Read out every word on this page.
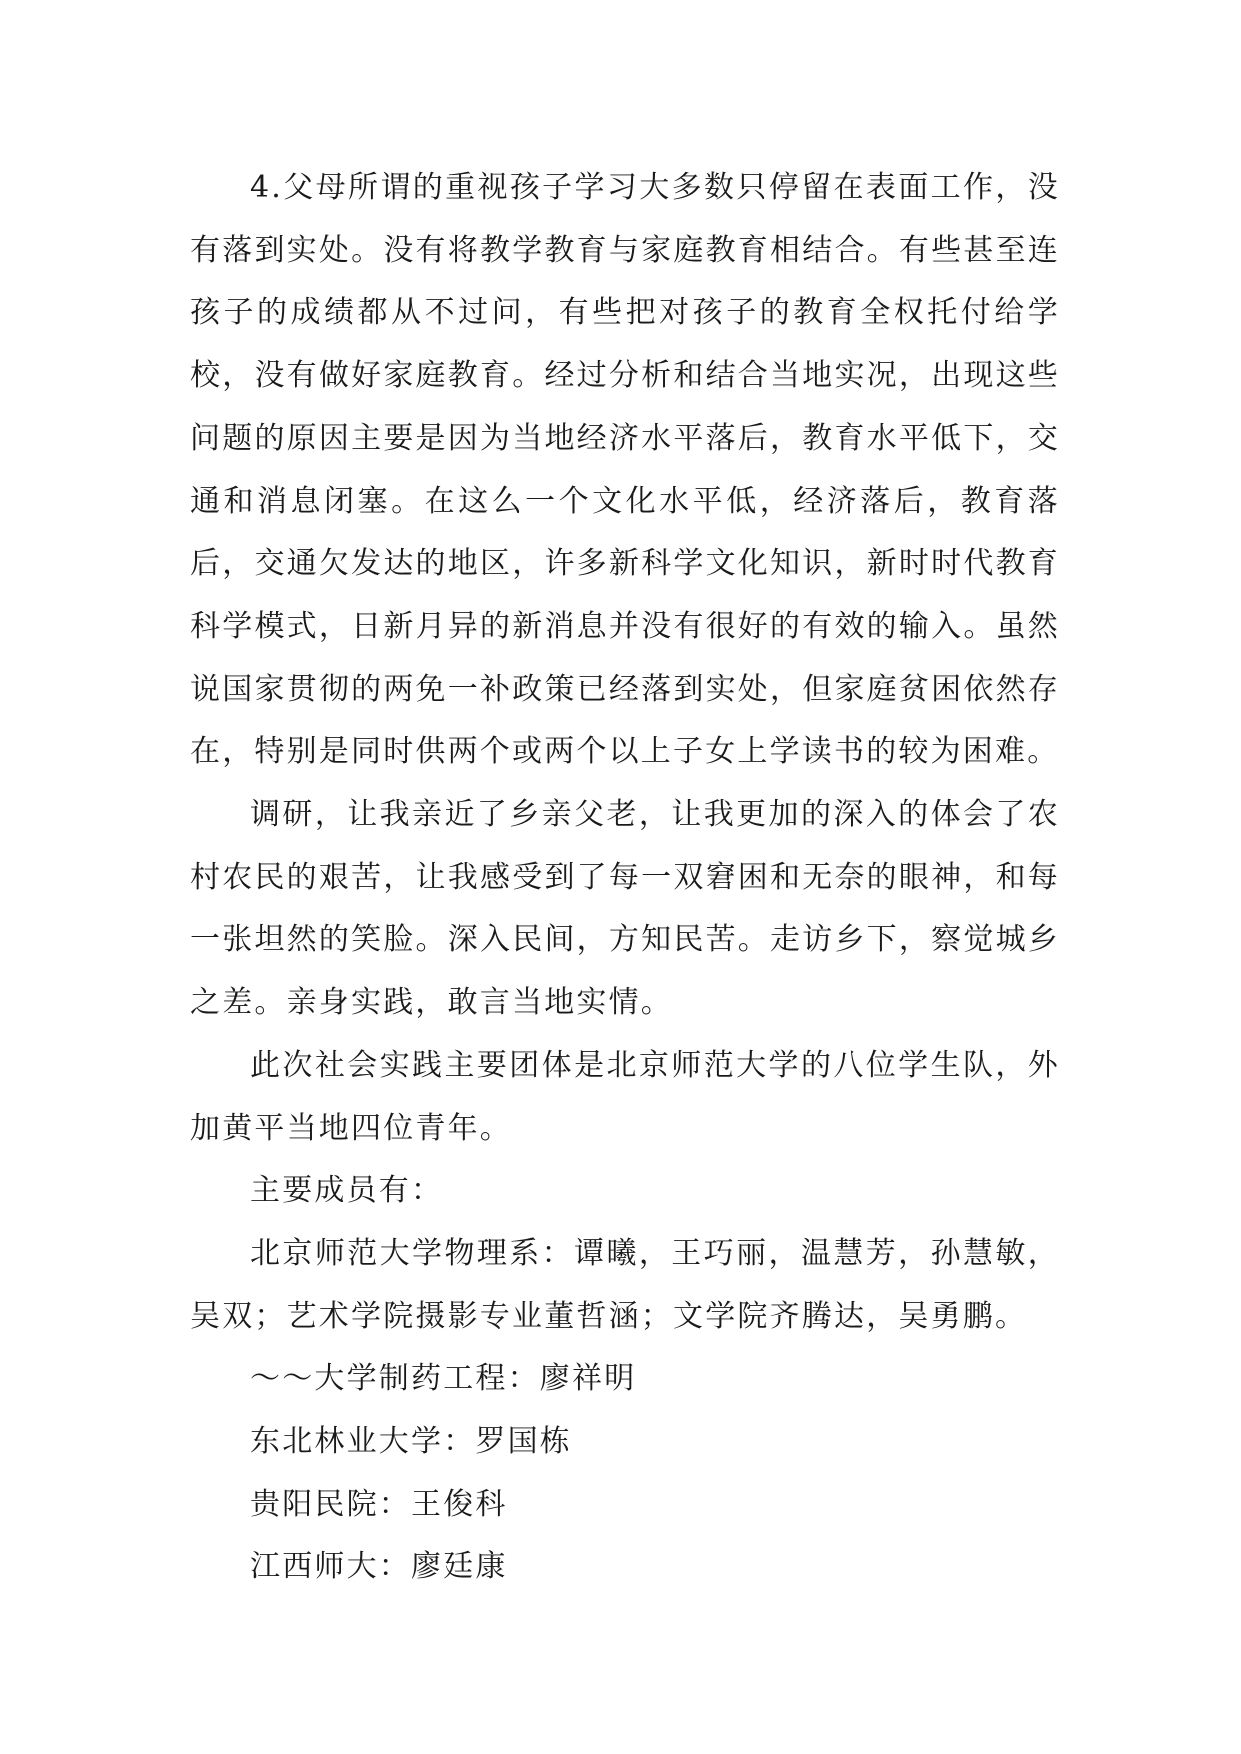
4.父母所谓的重视孩子学习大多数只停留在表面工作，没有落到实处。没有将教学教育与家庭教育相结合。有些甚至连孩子的成绩都从不过问，有些把对孩子的教育全权托付给学校，没有做好家庭教育。经过分析和结合当地实况，出现这些问题的原因主要是因为当地经济水平落后，教育水平低下，交通和消息闭塞。在这么一个文化水平低，经济落后，教育落后，交通欠发达的地区，许多新科学文化知识，新时时代教育科学模式，日新月异的新消息并没有很好的有效的输入。虽然说国家贯彻的两免一补政策已经落到实处，但家庭贫困依然存在，特别是同时供两个或两个以上子女上学读书的较为困难。

调研，让我亲近了乡亲父老，让我更加的深入的体会了农村农民的艰苦，让我感受到了每一双窘困和无奈的眼神，和每一张坦然的笑脸。深入民间，方知民苦。走访乡下，察觉城乡之差。亲身实践，敢言当地实情。

此次社会实践主要团体是北京师范大学的八位学生队，外加黄平当地四位青年。

主要成员有：

北京师范大学物理系：谭曦，王巧丽，温慧芳，孙慧敏，吴双；艺术学院摄影专业董哲涵；文学院齐腾达，吴勇鹏。

～～大学制药工程：廖祥明

东北林业大学：罗国栋

贵阳民院：王俊科

江西师大：廖廷康
